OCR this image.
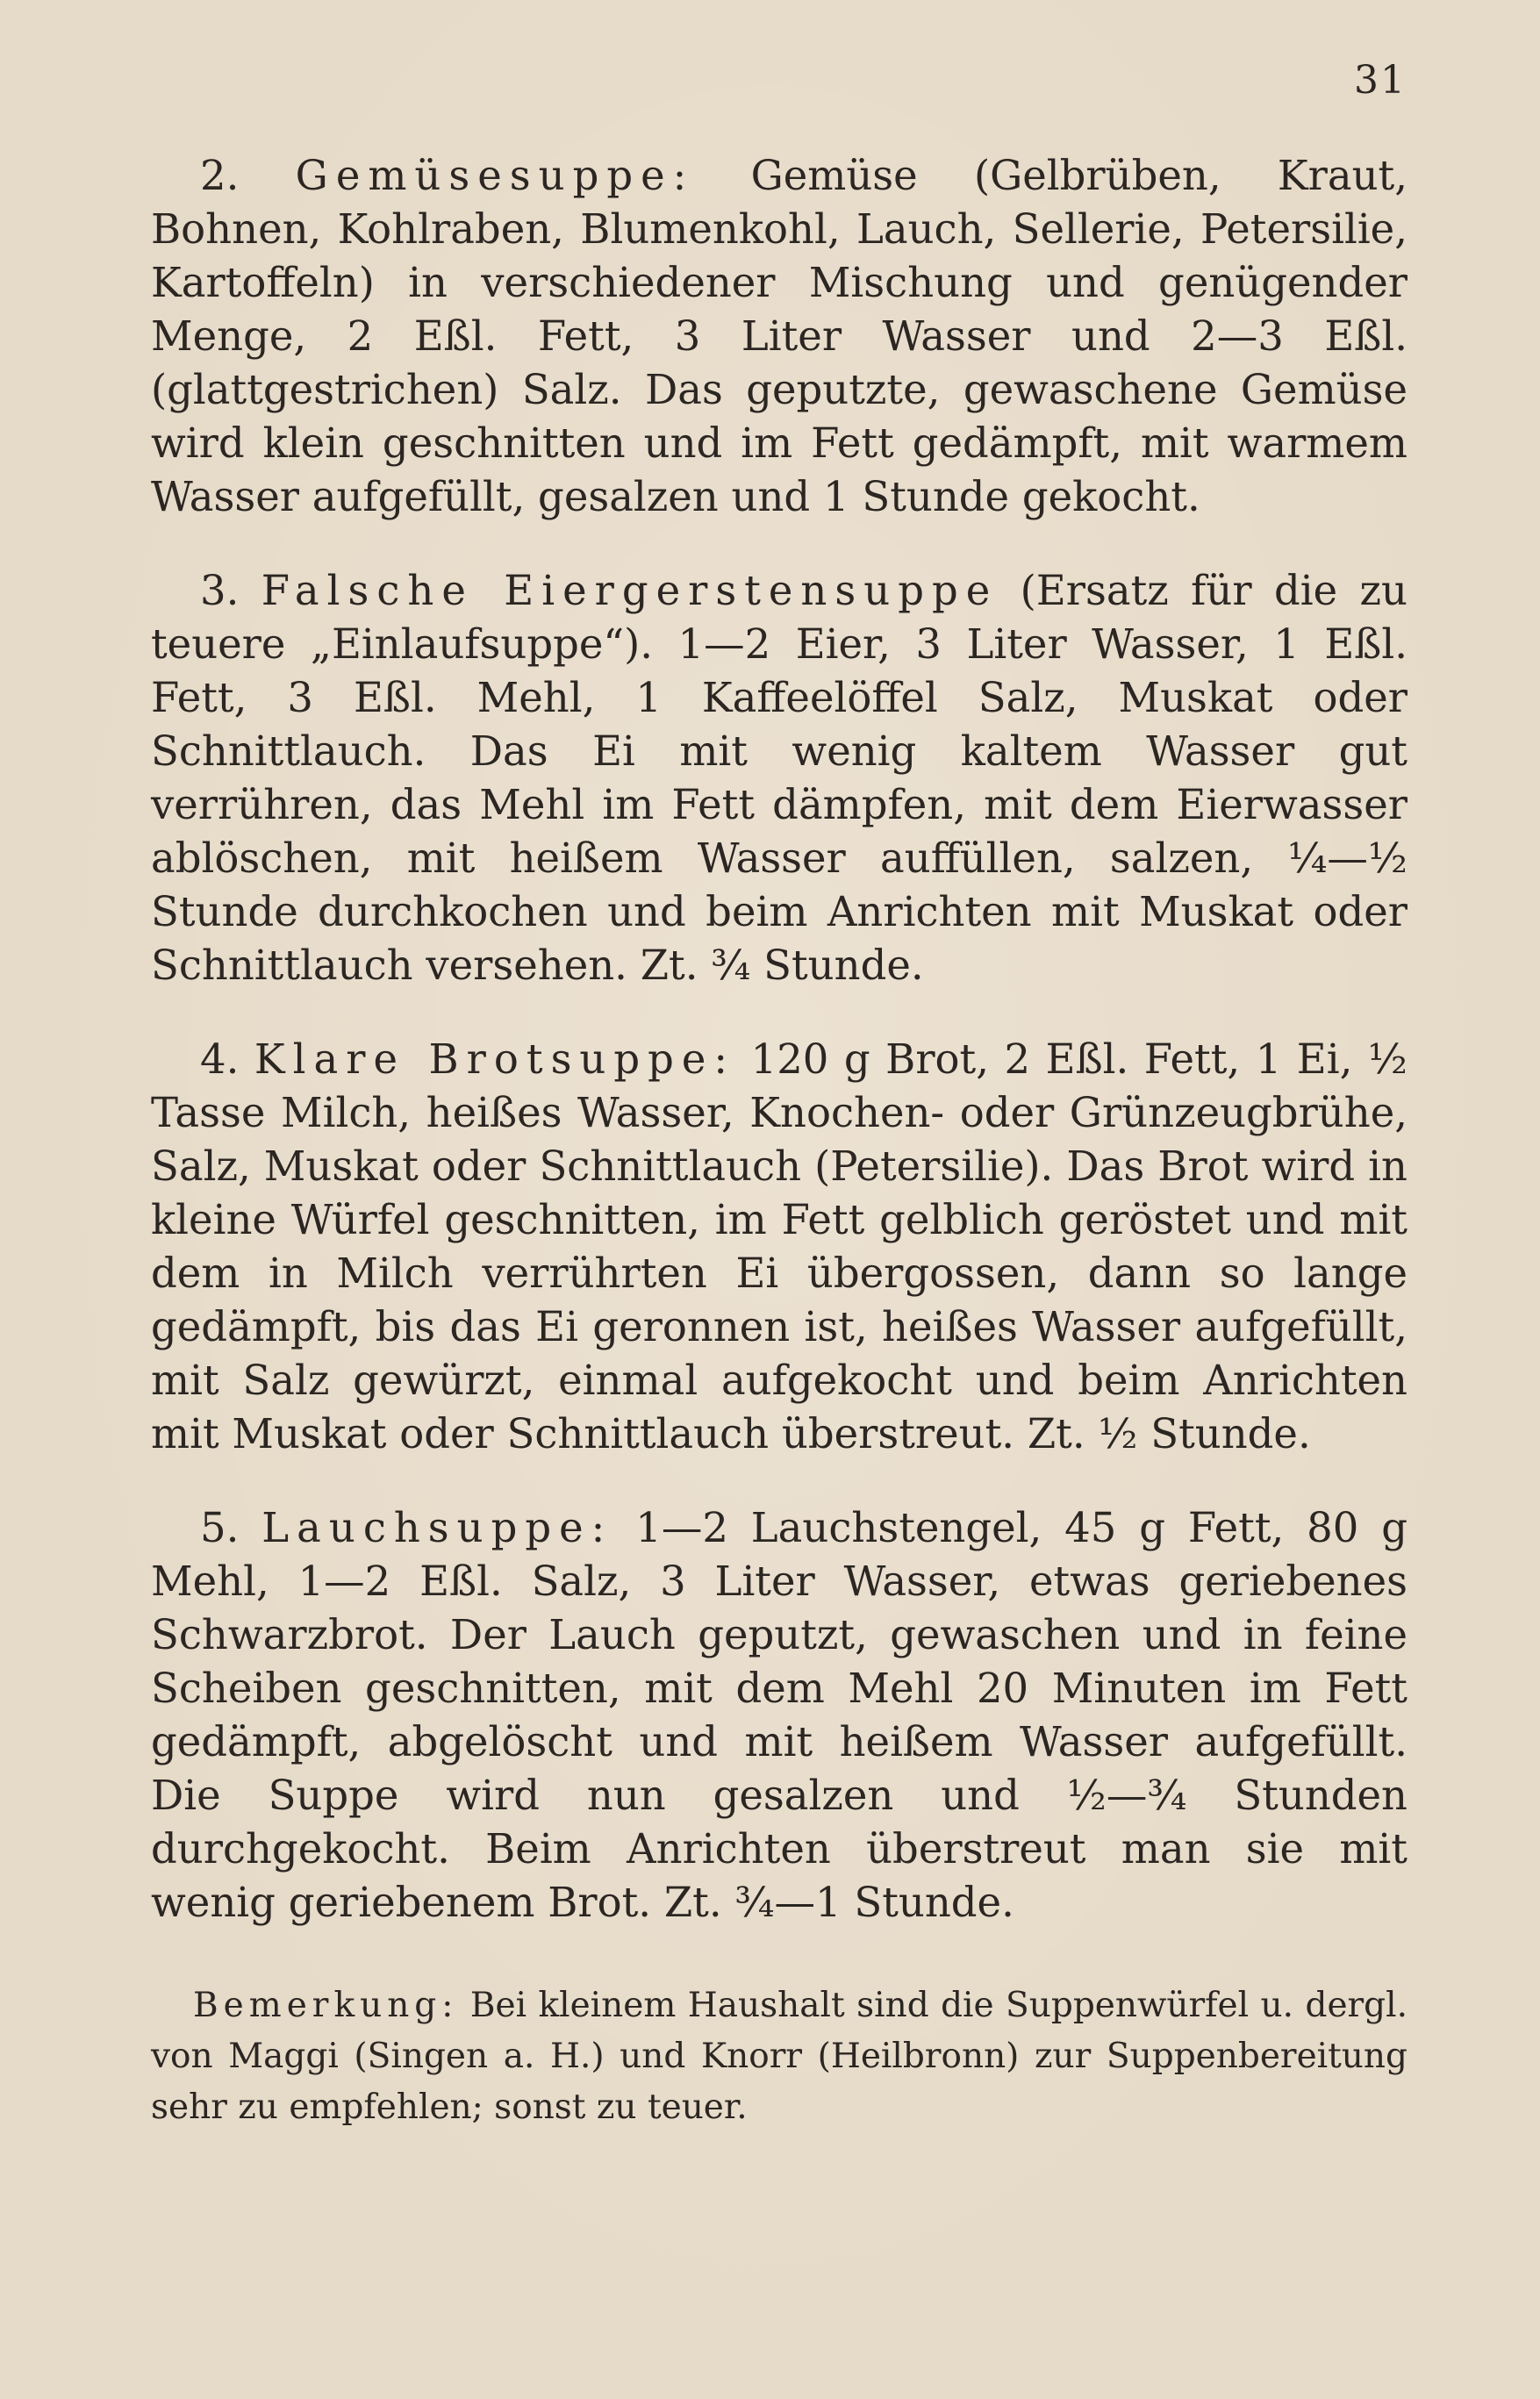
31

2. Gemüsesuppe: Gemüse (Gelbrüben, Kraut, Bohnen, Kohlraben, Blumenkohl, Lauch, Sellerie, Petersilie, Kartoffeln) in verschiedener Mischung und genügender Menge, 2 Eßl. Fett, 3 Liter Wasser und 2—3 Eßl. (glattgestrichen) Salz. Das geputzte, gewaschene Gemüse wird klein geschnitten und im Fett gedämpft, mit warmem Wasser aufgefüllt, gesalzen und 1 Stunde gekocht.

3. Falsche Eiergerstensuppe (Ersatz für die zu teuere „Einlaufsuppe“). 1—2 Eier, 3 Liter Wasser, 1 Eßl. Fett, 3 Eßl. Mehl, 1 Kaffeelöffel Salz, Muskat oder Schnittlauch. Das Ei mit wenig kaltem Wasser gut verrühren, das Mehl im Fett dämpfen, mit dem Eierwasser ablöschen, mit heißem Wasser auffüllen, salzen, ¼—½ Stunde durchkochen und beim Anrichten mit Muskat oder Schnittlauch versehen. Zt. ¾ Stunde.

4. Klare Brotsuppe: 120 g Brot, 2 Eßl. Fett, 1 Ei, ½ Tasse Milch, heißes Wasser, Knochen- oder Grünzeugbrühe, Salz, Muskat oder Schnittlauch (Petersilie). Das Brot wird in kleine Würfel geschnitten, im Fett gelblich geröstet und mit dem in Milch verrührten Ei übergossen, dann so lange gedämpft, bis das Ei geronnen ist, heißes Wasser aufgefüllt, mit Salz gewürzt, einmal aufgekocht und beim Anrichten mit Muskat oder Schnittlauch überstreut. Zt. ½ Stunde.

5. Lauchsuppe: 1—2 Lauchstengel, 45 g Fett, 80 g Mehl, 1—2 Eßl. Salz, 3 Liter Wasser, etwas geriebenes Schwarzbrot. Der Lauch geputzt, gewaschen und in feine Scheiben geschnitten, mit dem Mehl 20 Minuten im Fett gedämpft, abgelöscht und mit heißem Wasser aufgefüllt. Die Suppe wird nun gesalzen und ½—¾ Stunden durchgekocht. Beim Anrichten überstreut man sie mit wenig geriebenem Brot. Zt. ¾—1 Stunde.

Bemerkung: Bei kleinem Haushalt sind die Suppenwürfel u. dergl. von Maggi (Singen a. H.) und Knorr (Heilbronn) zur Suppenbereitung sehr zu empfehlen; sonst zu teuer.
